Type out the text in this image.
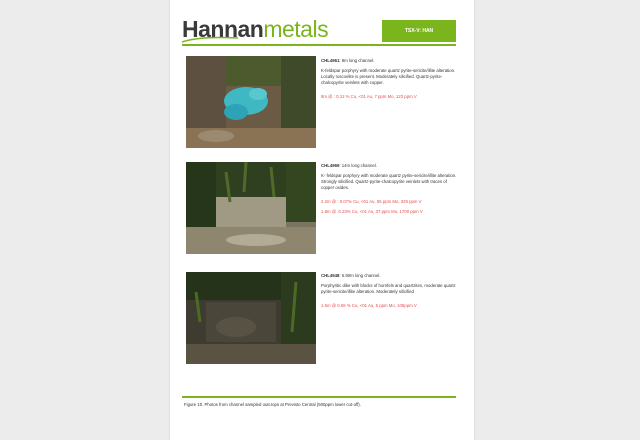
Hannan metals	TSX-V: HAN
CHL4961: 8m long channel.
K-feldspar porphyry with moderate quartz pyrite-sericite/illite alteration. Locally roscoelite is present. Moderately silicified. Quartz-pyrite-chalcopyrite veinlets with copper.
8m @ : 0.12 % Cu, <01 Au, 7 ppm Mo, 123 ppm V
CHL4969: 14m long channel.
K- feldspar porphyry with moderate quartz pyrite-sericite/illite alteration. Strongly silicified. Quartz-pyrite-chalcopyrite veinlets with traces of copper oxides.
2.2m @ : 0.07% Cu, <01 Au, 55 ppm Mo, 329 ppm V
1.8m @ :0.23% Cu, <01 Au, 37 ppm Mo, 1700 ppm V
CHL4948: 6.90m long channel.
Porphyritic dike with blocks of hornfels and quartzites, moderate quartz pyrite-sericite/illite alteration. Moderately silicified
1.5m @ 0.06 % Cu, <01 Au, 5 ppm Mo, 105ppm V
Figure 10. Photos from channel sampled outcrops at Previsto Central (500ppm lower cut-off).
